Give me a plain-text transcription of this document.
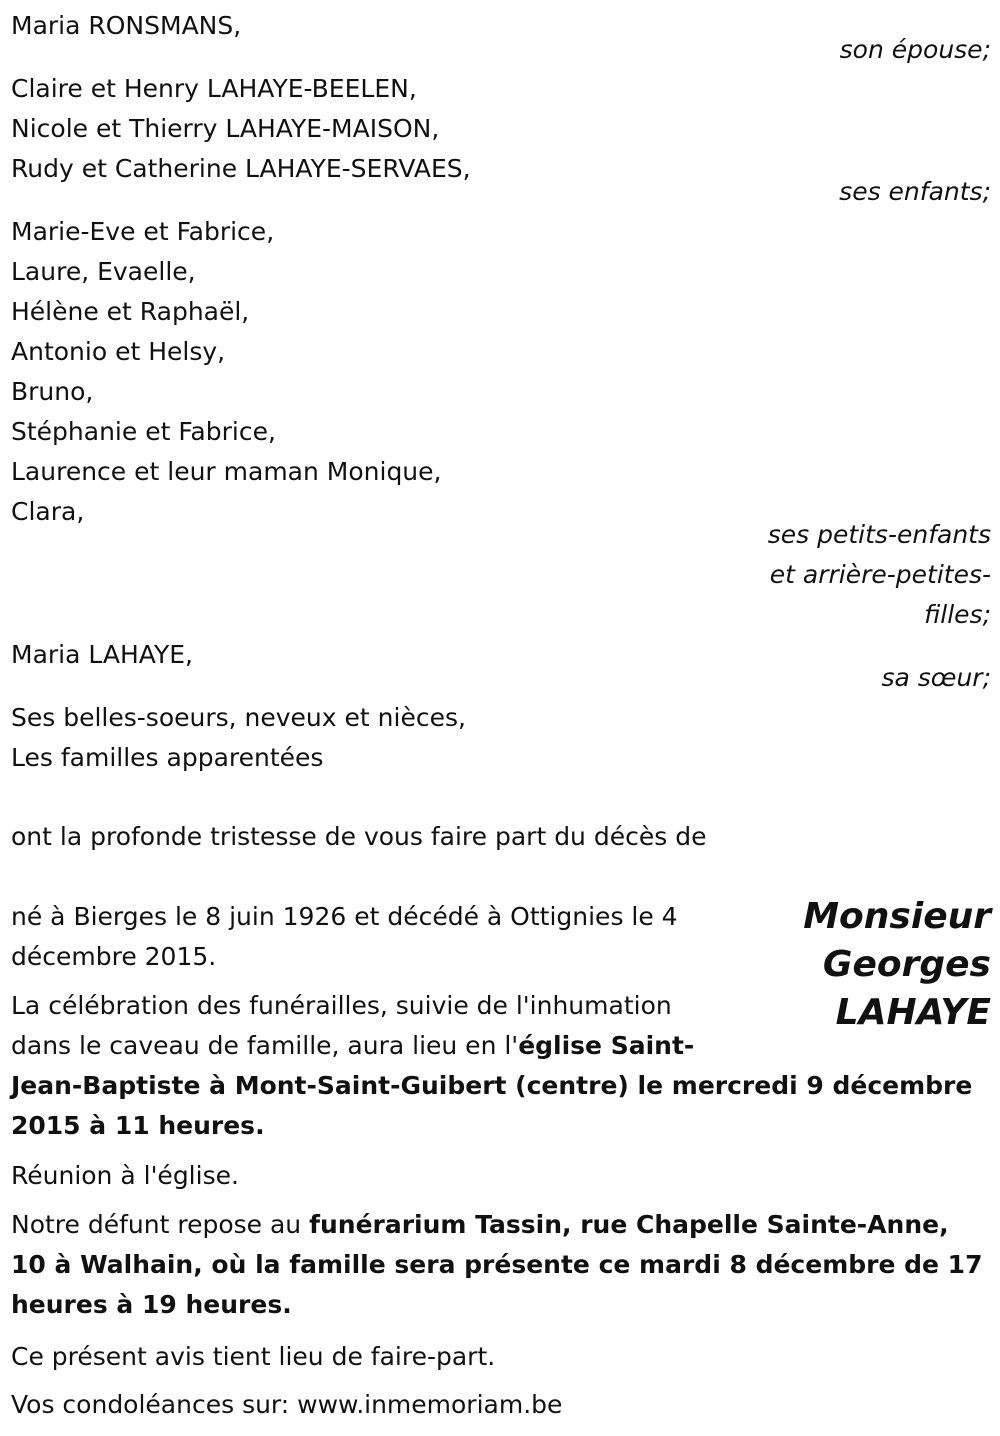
Maria RONSMANS,
son épouse;
Claire et Henry LAHAYE-BEELEN,
Nicole et Thierry LAHAYE-MAISON,
Rudy et Catherine LAHAYE-SERVAES,
ses enfants;
Marie-Eve et Fabrice,
Laure, Evaelle,
Hélène et Raphaël,
Antonio et Helsy,
Bruno,
Stéphanie et Fabrice,
Laurence et leur maman Monique,
Clara,
ses petits-enfants
et arrière-petites-
filles;
Maria LAHAYE,
sa sœur;
Ses belles-soeurs, neveux et nièces,
Les familles apparentées
ont la profonde tristesse de vous faire part du décès de
Monsieur
Georges
LAHAYE
né à Bierges le 8 juin 1926 et décédé à Ottignies le 4
décembre 2015.
La célébration des funérailles, suivie de l'inhumation
dans le caveau de famille, aura lieu en l'église Saint-
Jean-Baptiste à Mont-Saint-Guibert (centre) le mercredi 9 décembre
2015 à 11 heures.
Réunion à l'église.
Notre défunt repose au funérarium Tassin, rue Chapelle Sainte-Anne,
10 à Walhain, où la famille sera présente ce mardi 8 décembre de 17
heures à 19 heures.
Ce présent avis tient lieu de faire-part.
Vos condoléances sur: www.inmemoriam.be
